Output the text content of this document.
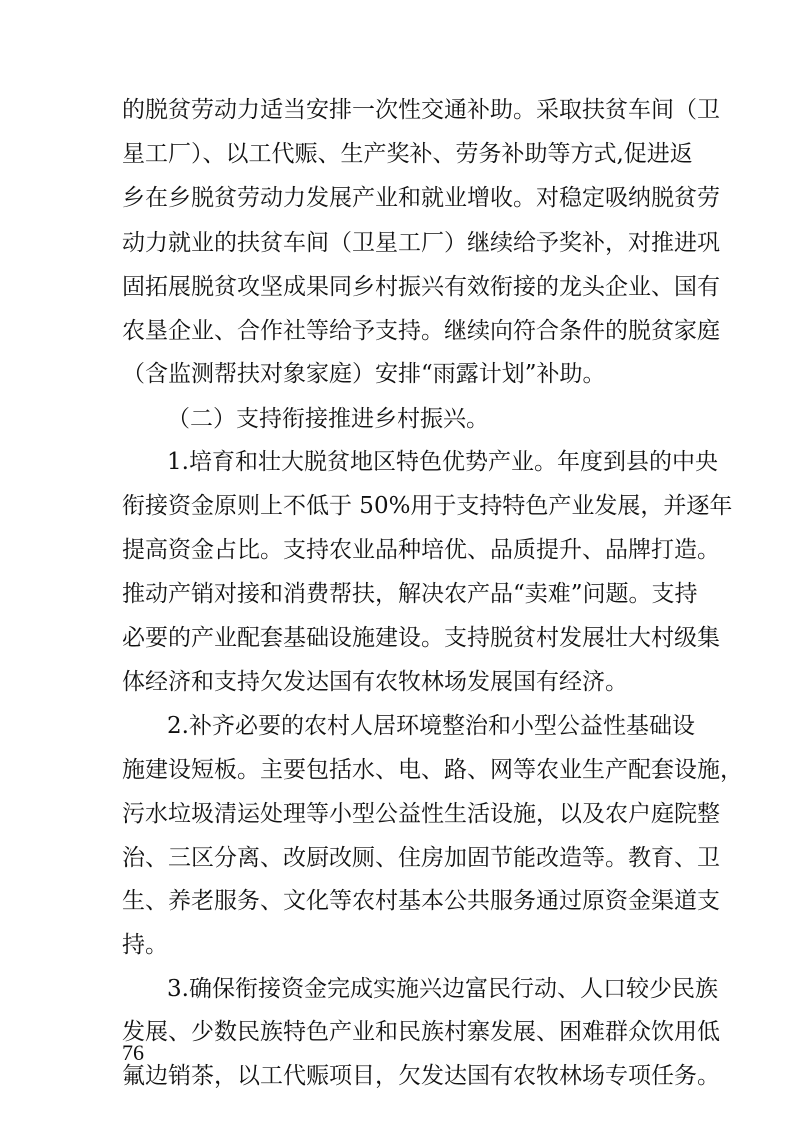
的脱贫劳动力适当安排一次性交通补助。采取扶贫车间（卫
星工厂）、以工代赈、生产奖补、劳务补助等方式,促进返
乡在乡脱贫劳动力发展产业和就业增收。对稳定吸纳脱贫劳
动力就业的扶贫车间（卫星工厂）继续给予奖补，对推进巩
固拓展脱贫攻坚成果同乡村振兴有效衔接的龙头企业、国有
农垦企业、合作社等给予支持。继续向符合条件的脱贫家庭
（含监测帮扶对象家庭）安排“雨露计划”补助。
（二）支持衔接推进乡村振兴。
1.培育和壮大脱贫地区特色优势产业。年度到县的中央
衔接资金原则上不低于 50%用于支持特色产业发展，并逐年
提高资金占比。支持农业品种培优、品质提升、品牌打造。
推动产销对接和消费帮扶，解决农产品“卖难”问题。支持
必要的产业配套基础设施建设。支持脱贫村发展壮大村级集
体经济和支持欠发达国有农牧林场发展国有经济。
2.补齐必要的农村人居环境整治和小型公益性基础设
施建设短板。主要包括水、电、路、网等农业生产配套设施，
污水垃圾清运处理等小型公益性生活设施，以及农户庭院整
治、三区分离、改厨改厕、住房加固节能改造等。教育、卫
生、养老服务、文化等农村基本公共服务通过原资金渠道支
持。
3.确保衔接资金完成实施兴边富民行动、人口较少民族
发展、少数民族特色产业和民族村寨发展、困难群众饮用低
氟边销茶，以工代赈项目，欠发达国有农牧林场专项任务。
76
